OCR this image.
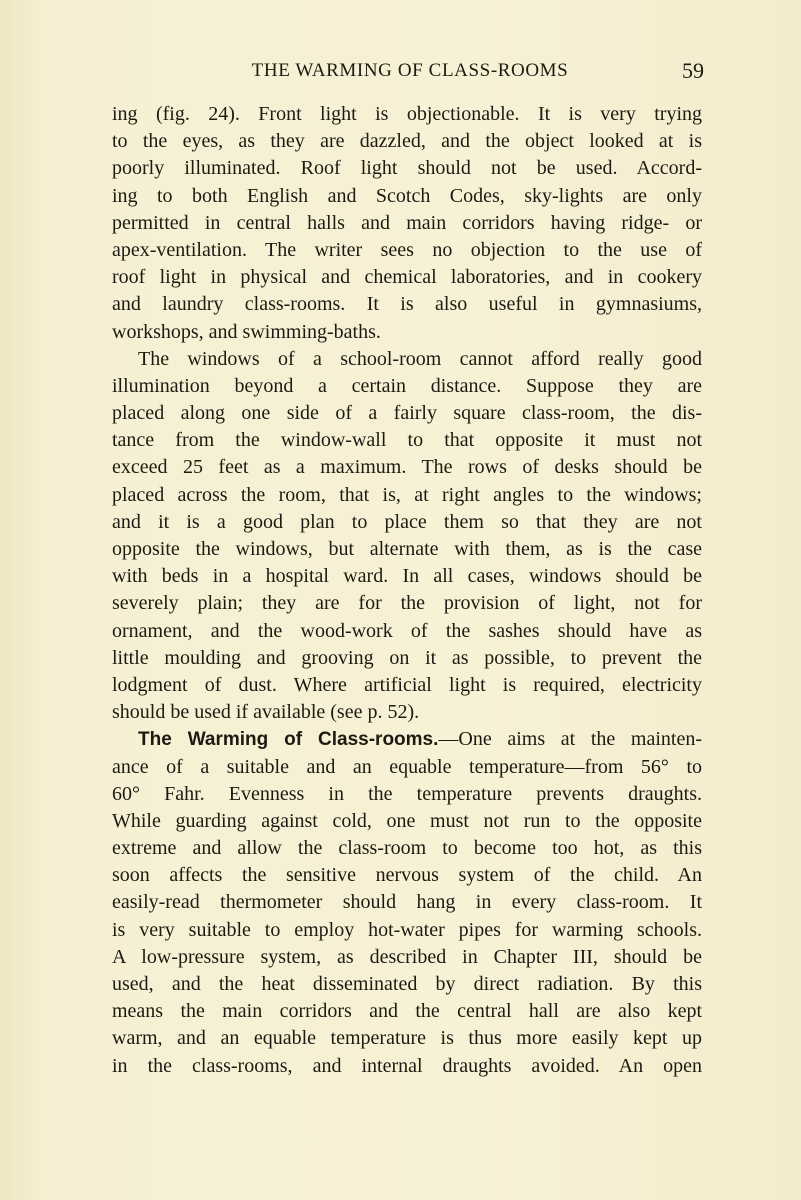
THE WARMING OF CLASS-ROOMS	59
ing (fig. 24). Front light is objectionable. It is very trying
to the eyes, as they are dazzled, and the object looked at is
poorly illuminated. Roof light should not be used. Accord-
ing to both English and Scotch Codes, sky-lights are only
permitted in central halls and main corridors having ridge- or
apex-ventilation. The writer sees no objection to the use of
roof light in physical and chemical laboratories, and in cookery
and laundry class-rooms. It is also useful in gymnasiums,
workshops, and swimming-baths.
The windows of a school-room cannot afford really good
illumination beyond a certain distance. Suppose they are
placed along one side of a fairly square class-room, the dis-
tance from the window-wall to that opposite it must not
exceed 25 feet as a maximum. The rows of desks should be
placed across the room, that is, at right angles to the windows;
and it is a good plan to place them so that they are not
opposite the windows, but alternate with them, as is the case
with beds in a hospital ward. In all cases, windows should be
severely plain; they are for the provision of light, not for
ornament, and the wood-work of the sashes should have as
little moulding and grooving on it as possible, to prevent the
lodgment of dust. Where artificial light is required, electricity
should be used if available (see p. 52).
The Warming of Class-rooms.—One aims at the mainten-
ance of a suitable and an equable temperature—from 56° to
60° Fahr. Evenness in the temperature prevents draughts.
While guarding against cold, one must not run to the opposite
extreme and allow the class-room to become too hot, as this
soon affects the sensitive nervous system of the child. An
easily-read thermometer should hang in every class-room. It
is very suitable to employ hot-water pipes for warming schools.
A low-pressure system, as described in Chapter III, should be
used, and the heat disseminated by direct radiation. By this
means the main corridors and the central hall are also kept
warm, and an equable temperature is thus more easily kept up
in the class-rooms, and internal draughts avoided. An open
